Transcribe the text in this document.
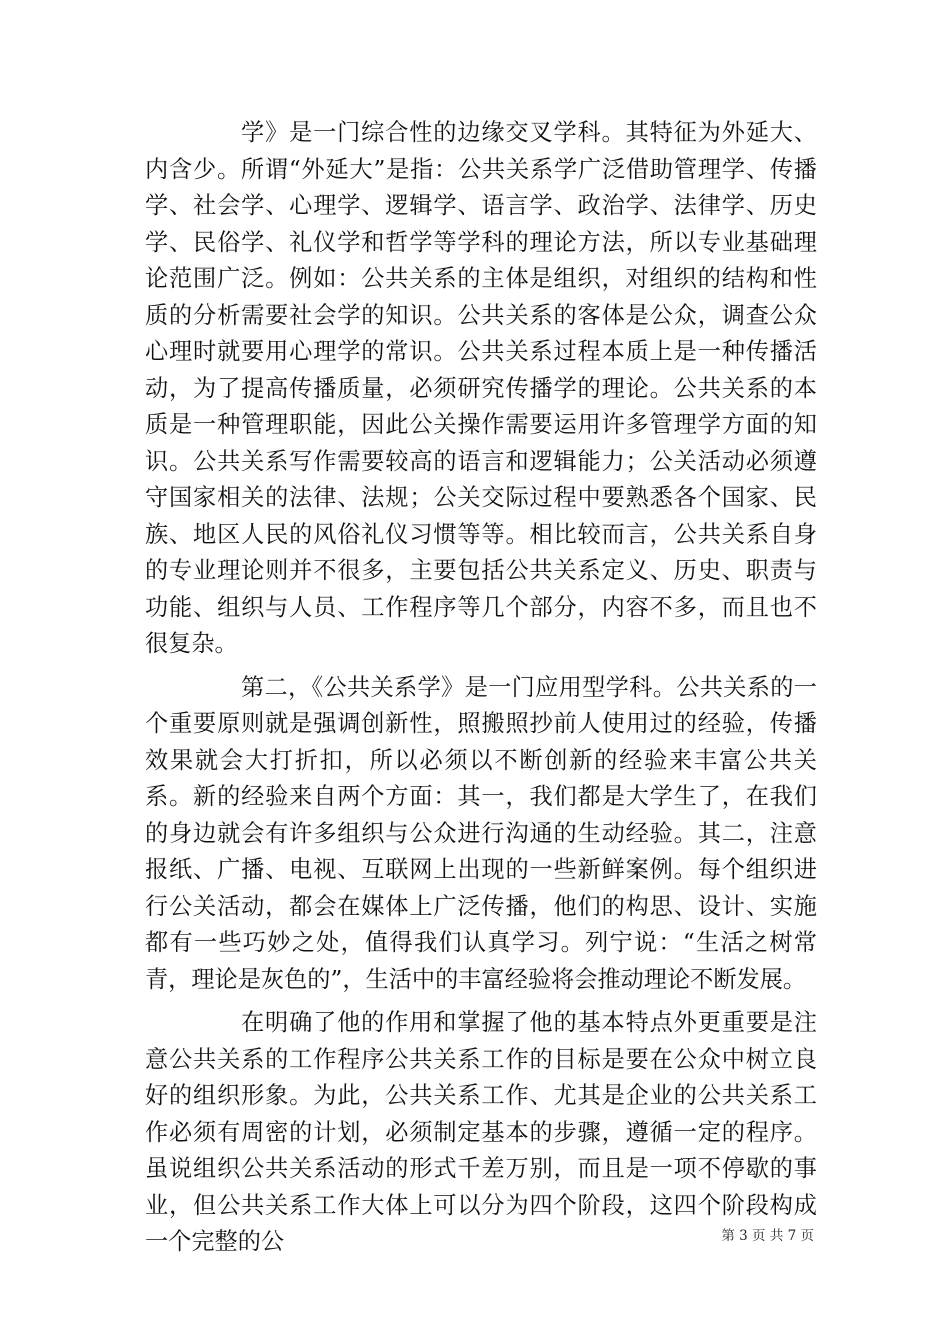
学》是一门综合性的边缘交叉学科。其特征为外延大、内含少。所谓“外延大”是指：公共关系学广泛借助管理学、传播学、社会学、心理学、逻辑学、语言学、政治学、法律学、历史学、民俗学、礼仪学和哲学等学科的理论方法，所以专业基础理论范围广泛。例如：公共关系的主体是组织，对组织的结构和性质的分析需要社会学的知识。公共关系的客体是公众，调查公众心理时就要用心理学的常识。公共关系过程本质上是一种传播活动，为了提高传播质量，必须研究传播学的理论。公共关系的本质是一种管理职能，因此公关操作需要运用许多管理学方面的知识。公共关系写作需要较高的语言和逻辑能力；公关活动必须遵守国家相关的法律、法规；公关交际过程中要熟悉各个国家、民族、地区人民的风俗礼仪习惯等等。相比较而言，公共关系自身的专业理论则并不很多，主要包括公共关系定义、历史、职责与功能、组织与人员、工作程序等几个部分，内容不多，而且也不很复杂。

第二，《公共关系学》是一门应用型学科。公共关系的一个重要原则就是强调创新性，照搬照抄前人使用过的经验，传播效果就会大打折扣，所以必须以不断创新的经验来丰富公共关系。新的经验来自两个方面：其一，我们都是大学生了，在我们的身边就会有许多组织与公众进行沟通的生动经验。其二，注意报纸、广播、电视、互联网上出现的一些新鲜案例。每个组织进行公关活动，都会在媒体上广泛传播，他们的构思、设计、实施都有一些巧妙之处，值得我们认真学习。列宁说：“生活之树常青，理论是灰色的”，生活中的丰富经验将会推动理论不断发展。

在明确了他的作用和掌握了他的基本特点外更重要是注意公共关系的工作程序公共关系工作的目标是要在公众中树立良好的组织形象。为此，公共关系工作、尤其是企业的公共关系工作必须有周密的计划，必须制定基本的步骤，遵循一定的程序。虽说组织公共关系活动的形式千差万别，而且是一项不停歇的事业，但公共关系工作大体上可以分为四个阶段，这四个阶段构成一个完整的公	第 3 页 共 7 页
